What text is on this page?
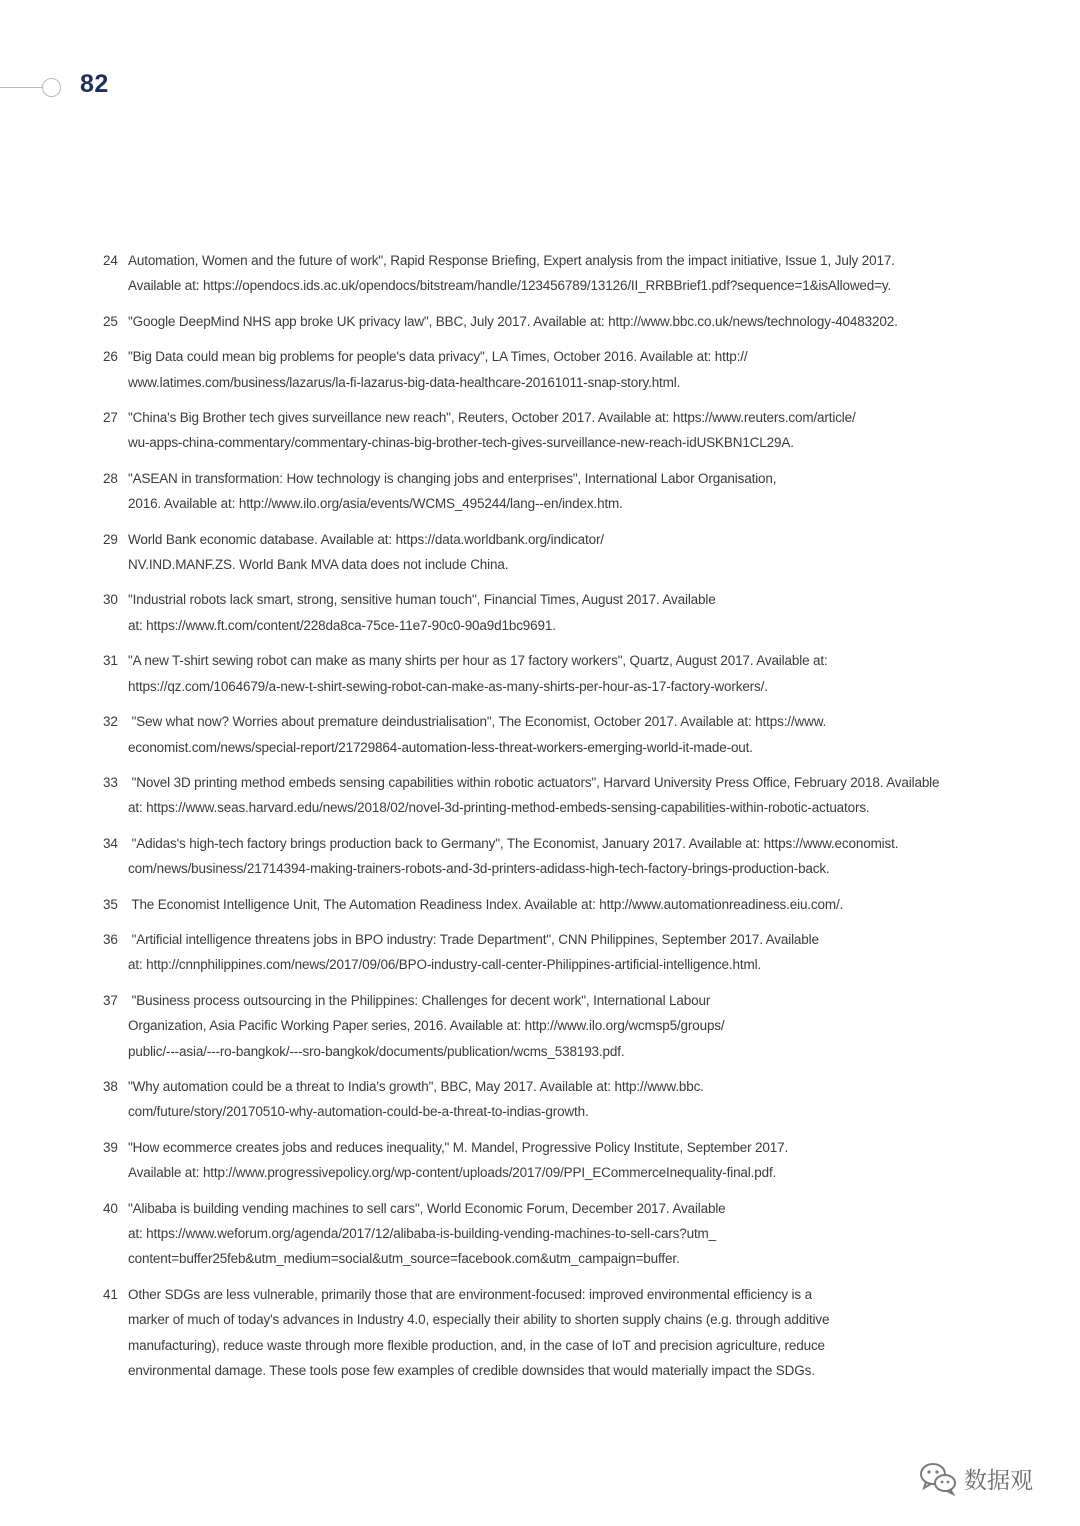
82
24 Automation, Women and the future of work", Rapid Response Briefing, Expert analysis from the impact initiative, Issue 1, July 2017.
Available at: https://opendocs.ids.ac.uk/opendocs/bitstream/handle/123456789/13126/II_RRBBrief1.pdf?sequence=1&isAllowed=y.
25 "Google DeepMind NHS app broke UK privacy law", BBC, July 2017. Available at: http://www.bbc.co.uk/news/technology-40483202.
26 "Big Data could mean big problems for people's data privacy", LA Times, October 2016. Available at: http://
www.latimes.com/business/lazarus/la-fi-lazarus-big-data-healthcare-20161011-snap-story.html.
27 "China's Big Brother tech gives surveillance new reach", Reuters, October 2017. Available at: https://www.reuters.com/article/
wu-apps-china-commentary/commentary-chinas-big-brother-tech-gives-surveillance-new-reach-idUSKBN1CL29A.
28 "ASEAN in transformation: How technology is changing jobs and enterprises", International Labor Organisation,
2016. Available at: http://www.ilo.org/asia/events/WCMS_495244/lang--en/index.htm.
29 World Bank economic database. Available at: https://data.worldbank.org/indicator/
NV.IND.MANF.ZS. World Bank MVA data does not include China.
30 "Industrial robots lack smart, strong, sensitive human touch", Financial Times, August 2017. Available
at: https://www.ft.com/content/228da8ca-75ce-11e7-90c0-90a9d1bc9691.
31 "A new T-shirt sewing robot can make as many shirts per hour as 17 factory workers", Quartz, August 2017. Available at:
https://qz.com/1064679/a-new-t-shirt-sewing-robot-can-make-as-many-shirts-per-hour-as-17-factory-workers/.
32 "Sew what now? Worries about premature deindustrialisation", The Economist, October 2017. Available at: https://www.
economist.com/news/special-report/21729864-automation-less-threat-workers-emerging-world-it-made-out.
33 "Novel 3D printing method embeds sensing capabilities within robotic actuators", Harvard University Press Office, February 2018. Available
at: https://www.seas.harvard.edu/news/2018/02/novel-3d-printing-method-embeds-sensing-capabilities-within-robotic-actuators.
34 "Adidas's high-tech factory brings production back to Germany", The Economist, January 2017. Available at: https://www.economist.
com/news/business/21714394-making-trainers-robots-and-3d-printers-adidass-high-tech-factory-brings-production-back.
35 The Economist Intelligence Unit, The Automation Readiness Index. Available at: http://www.automationreadiness.eiu.com/.
36 "Artificial intelligence threatens jobs in BPO industry: Trade Department", CNN Philippines, September 2017. Available
at: http://cnnphilippines.com/news/2017/09/06/BPO-industry-call-center-Philippines-artificial-intelligence.html.
37 "Business process outsourcing in the Philippines: Challenges for decent work", International Labour
Organization, Asia Pacific Working Paper series, 2016. Available at: http://www.ilo.org/wcmsp5/groups/
public/---asia/---ro-bangkok/---sro-bangkok/documents/publication/wcms_538193.pdf.
38 "Why automation could be a threat to India's growth", BBC, May 2017. Available at: http://www.bbc.
com/future/story/20170510-why-automation-could-be-a-threat-to-indias-growth.
39 "How ecommerce creates jobs and reduces inequality," M. Mandel, Progressive Policy Institute, September 2017.
Available at: http://www.progressivepolicy.org/wp-content/uploads/2017/09/PPI_ECommerceInequality-final.pdf.
40 "Alibaba is building vending machines to sell cars", World Economic Forum, December 2017. Available
at: https://www.weforum.org/agenda/2017/12/alibaba-is-building-vending-machines-to-sell-cars?utm_
content=buffer25feb&utm_medium=social&utm_source=facebook.com&utm_campaign=buffer.
41 Other SDGs are less vulnerable, primarily those that are environment-focused: improved environmental efficiency is a
marker of much of today's advances in Industry 4.0, especially their ability to shorten supply chains (e.g. through additive
manufacturing), reduce waste through more flexible production, and, in the case of IoT and precision agriculture, reduce
environmental damage. These tools pose few examples of credible downsides that would materially impact the SDGs.
数据观
